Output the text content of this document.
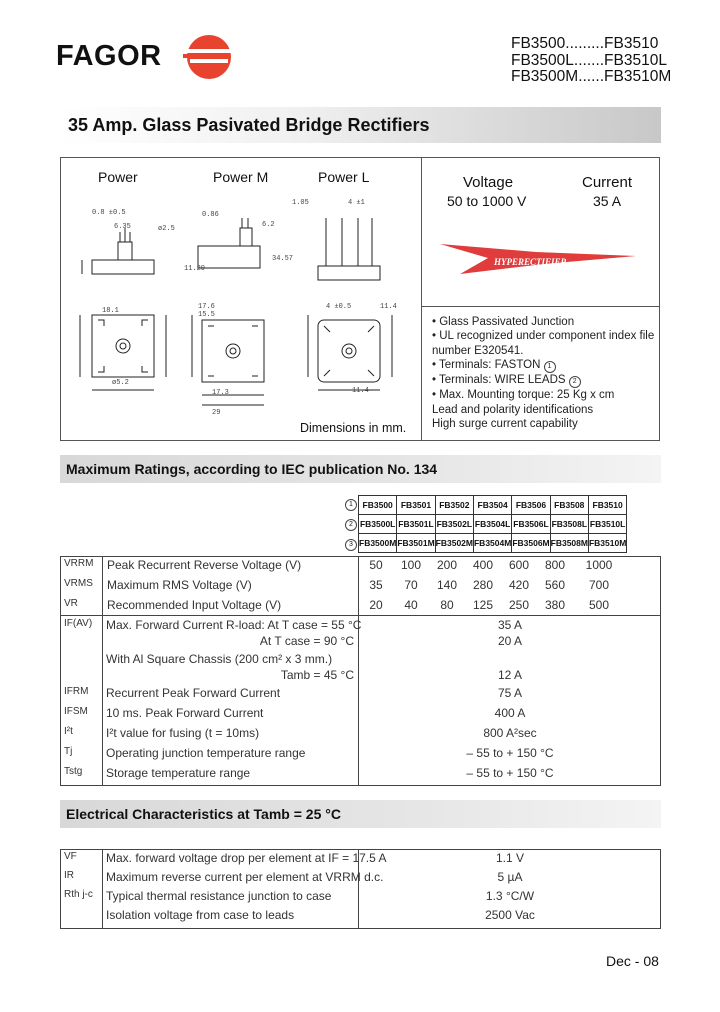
FAGOR	FB3500.........FB3510
FB3500L.......FB3510L
FB3500M......FB3510M
35 Amp. Glass Pasivated Bridge Rectifiers
Power	Power M	Power L
0.8 ±0.5
6.35	ø2.5
0.86
6.2
11.20
34.57
1.05	4 ±1
17.6
15.5
18.1	4 ±0.5	11.4
ø5.2
17.3
29
11.4
Voltage
50 to 1000 V
Current
35 A
HYPERECTIFIER
• Glass Passivated Junction
• UL recognized under component index file
number E320541.
• Terminals: FASTON 1
• Terminals: WIRE LEADS 2
• Max. Mounting torque: 25 Kg x cm
Lead and polarity identifications
High surge current capability
Dimensions in mm.
Maximum Ratings, according to IEC publication No. 134
FB3500	FB3501	FB3502	FB3504	FB3506	FB3508	FB3510
FB3500L	FB3501L	FB3502L	FB3504L	FB3506L	FB3508L	FB3510L
FB3500M	FB3501M	FB3502M	FB3504M	FB3506M	FB3508M	FB3510M
1
2
3
VRRM Peak Recurrent Reverse Voltage (V)	50	100	200	400	600	800	1000
VRMS Maximum RMS Voltage (V)	35	70	140	280	420	560	700
VR Recommended Input Voltage (V)	20	40	80	125	250	380	500
IF(AV) Max. Forward Current R-load: At T case = 55 °C	35 A
At T case = 90 °C	20 A
With Al Square Chassis (200 cm² x 3 mm.)
Tamb = 45 °C	12 A
IFRM Recurrent Peak Forward Current	75 A
IFSM 10 ms. Peak Forward Current	400 A
I²t	I²t value for fusing (t = 10ms)	800 A²sec
Tj	Operating junction temperature range	– 55 to + 150 °C
Tstg Storage temperature range	– 55 to + 150 °C
Electrical Characteristics at Tamb = 25 °C
VF Max. forward voltage drop per element at IF = 17.5 A	1.1 V
IR	Maximum reverse current per element at VRRM d.c.	5 µA
Rth j-c Typical thermal resistance junction to case	1.3 °C/W
Isolation voltage from case to leads	2500 Vac
Dec - 08
